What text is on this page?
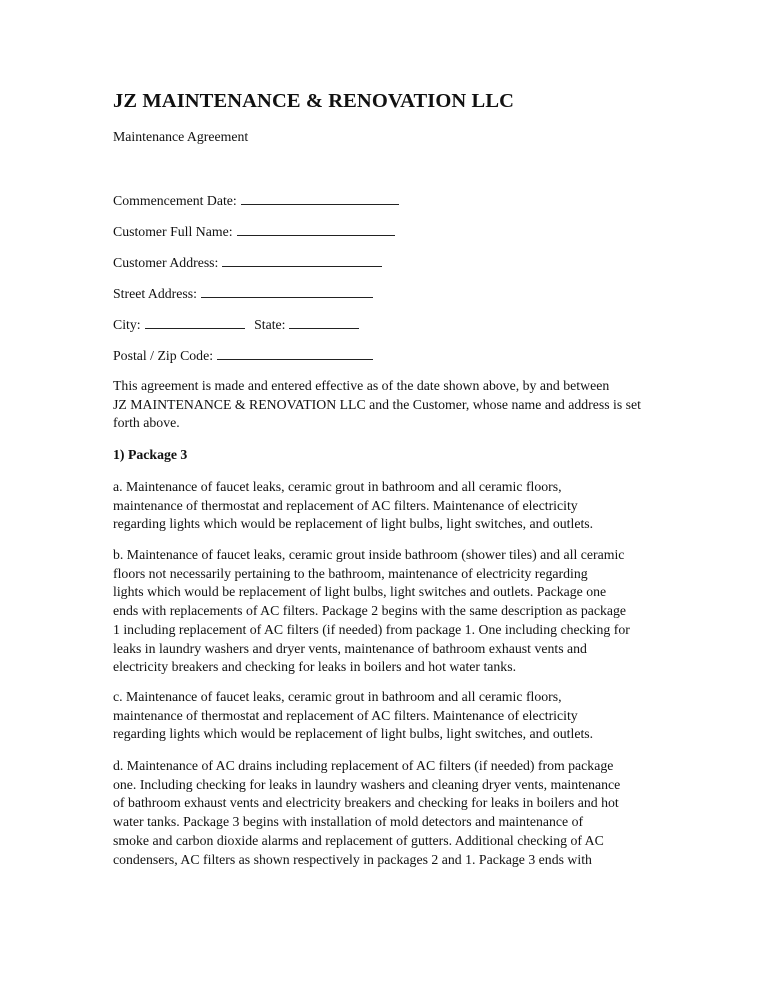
JZ MAINTENANCE & RENOVATION LLC
Maintenance Agreement
Commencement Date:
Customer Full Name:
Customer Address:
Street Address:
City:	State:
Postal / Zip Code:
This agreement is made and entered effective as of the date shown above, by and between
JZ MAINTENANCE & RENOVATION LLC and the Customer, whose name and address is set
forth above.
1) Package 3
a. Maintenance of faucet leaks, ceramic grout in bathroom and all ceramic floors,
maintenance of thermostat and replacement of AC filters. Maintenance of electricity
regarding lights which would be replacement of light bulbs, light switches, and outlets.
b. Maintenance of faucet leaks, ceramic grout inside bathroom (shower tiles) and all ceramic
floors not necessarily pertaining to the bathroom, maintenance of electricity regarding
lights which would be replacement of light bulbs, light switches and outlets. Package one
ends with replacements of AC filters. Package 2 begins with the same description as package
1 including replacement of AC filters (if needed) from package 1. One including checking for
leaks in laundry washers and dryer vents, maintenance of bathroom exhaust vents and
electricity breakers and checking for leaks in boilers and hot water tanks.
c. Maintenance of faucet leaks, ceramic grout in bathroom and all ceramic floors,
maintenance of thermostat and replacement of AC filters. Maintenance of electricity
regarding lights which would be replacement of light bulbs, light switches, and outlets.
d. Maintenance of AC drains including replacement of AC filters (if needed) from package
one. Including checking for leaks in laundry washers and cleaning dryer vents, maintenance
of bathroom exhaust vents and electricity breakers and checking for leaks in boilers and hot
water tanks. Package 3 begins with installation of mold detectors and maintenance of
smoke and carbon dioxide alarms and replacement of gutters. Additional checking of AC
condensers, AC filters as shown respectively in packages 2 and 1. Package 3 ends with
